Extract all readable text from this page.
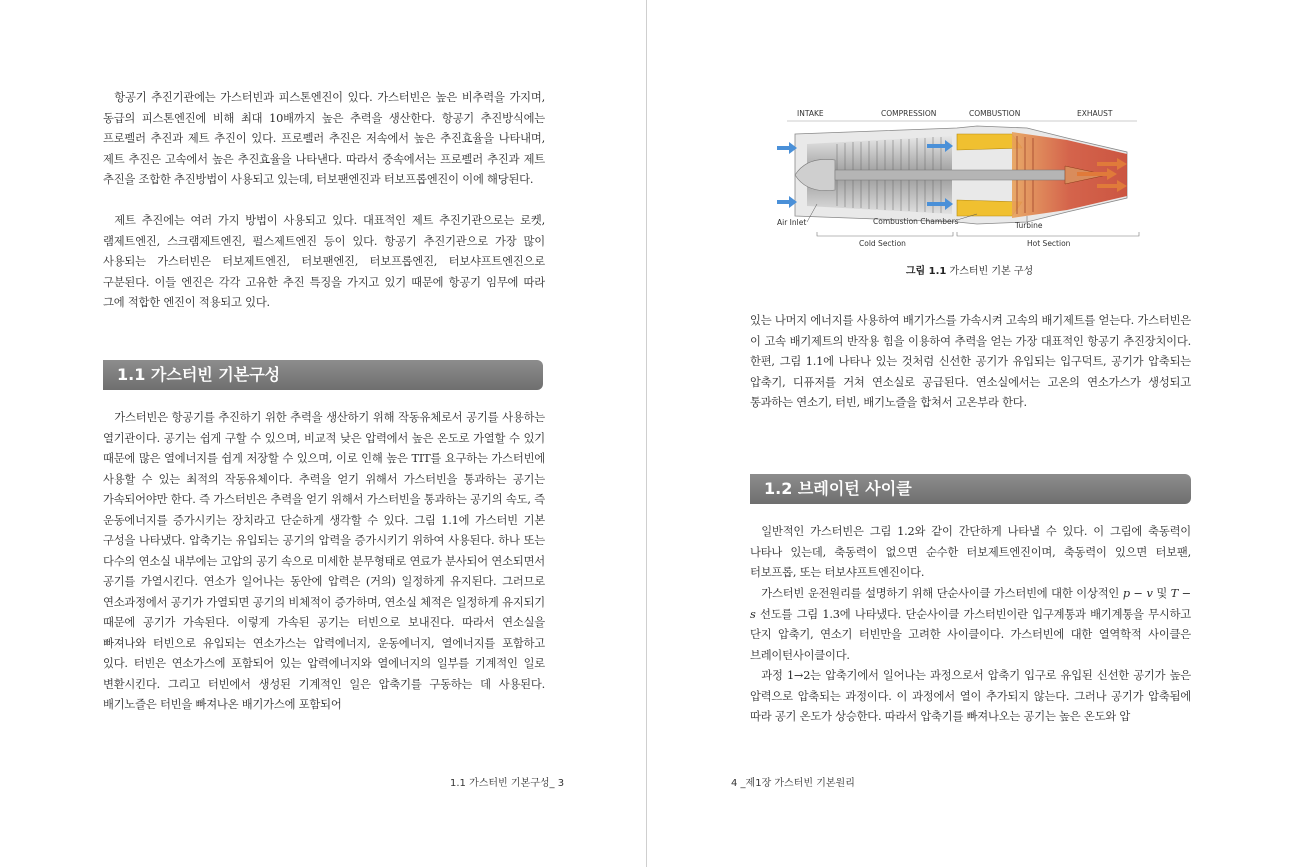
항공기 추진기관에는 가스터빈과 피스톤엔진이 있다. 가스터빈은 높은 비추력을 가지며, 동급의 피스톤엔진에 비해 최대 10배까지 높은 추력을 생산한다. 항공기 추진방식에는 프로펠러 추진과 제트 추진이 있다. 프로펠러 추진은 저속에서 높은 추진효율을 나타내며, 제트 추진은 고속에서 높은 추진효율을 나타낸다. 따라서 중속에서는 프로펠러 추진과 제트 추진을 조합한 추진방법이 사용되고 있는데, 터보팬엔진과 터보프롭엔진이 이에 해당된다.

제트 추진에는 여러 가지 방법이 사용되고 있다. 대표적인 제트 추진기관으로는 로켓, 램제트엔진, 스크램제트엔진, 펄스제트엔진 등이 있다. 항공기 추진기관으로 가장 많이 사용되는 가스터빈은 터보제트엔진, 터보팬엔진, 터보프롭엔진, 터보샤프트엔진으로 구분된다. 이들 엔진은 각각 고유한 추진 특징을 가지고 있기 때문에 항공기 임무에 따라 그에 적합한 엔진이 적용되고 있다.

1.1 가스터빈 기본구성

가스터빈은 항공기를 추진하기 위한 추력을 생산하기 위해 작동유체로서 공기를 사용하는 열기관이다. 공기는 쉽게 구할 수 있으며, 비교적 낮은 압력에서 높은 온도로 가열할 수 있기 때문에 많은 열에너지를 쉽게 저장할 수 있으며, 이로 인해 높은 TIT를 요구하는 가스터빈에 사용할 수 있는 최적의 작동유체이다. 추력을 얻기 위해서 가스터빈을 통과하는 공기는 가속되어야만 한다. 즉 가스터빈은 추력을 얻기 위해서 가스터빈을 통과하는 공기의 속도, 즉 운동에너지를 증가시키는 장치라고 단순하게 생각할 수 있다. 그림 1.1에 가스터빈 기본 구성을 나타냈다. 압축기는 유입되는 공기의 압력을 증가시키기 위하여 사용된다. 하나 또는 다수의 연소실 내부에는 고압의 공기 속으로 미세한 분무형태로 연료가 분사되어 연소되면서 공기를 가열시킨다. 연소가 일어나는 동안에 압력은 (거의) 일정하게 유지된다. 그러므로 연소과정에서 공기가 가열되면 공기의 비체적이 증가하며, 연소실 체적은 일정하게 유지되기 때문에 공기가 가속된다. 이렇게 가속된 공기는 터빈으로 보내진다. 따라서 연소실을 빠져나와 터빈으로 유입되는 연소가스는 압력에너지, 운동에너지, 열에너지를 포함하고 있다. 터빈은 연소가스에 포함되어 있는 압력에너지와 열에너지의 일부를 기계적인 일로 변환시킨다. 그리고 터빈에서 생성된 기계적인 일은 압축기를 구동하는 데 사용된다. 배기노즐은 터빈을 빠져나온 배기가스에 포함되어

1.1 가스터빈 기본구성_ 3
INTAKE	COMPRESSION	COMBUSTION	EXHAUST
Air Inlet	Combustion Chambers	Turbine
Cold Section	Hot Section
그림 1.1 가스터빈 기본 구성

있는 나머지 에너지를 사용하여 배기가스를 가속시켜 고속의 배기제트를 얻는다. 가스터빈은 이 고속 배기제트의 반작용 힘을 이용하여 추력을 얻는 가장 대표적인 항공기 추진장치이다. 한편, 그림 1.1에 나타나 있는 것처럼 신선한 공기가 유입되는 입구덕트, 공기가 압축되는 압축기, 디퓨저를 거쳐 연소실로 공급된다. 연소실에서는 고온의 연소가스가 생성되고 통과하는 연소기, 터빈, 배기노즐을 합쳐서 고온부라 한다.

1.2 브레이턴 사이클

일반적인 가스터빈은 그림 1.2와 같이 간단하게 나타낼 수 있다. 이 그림에 축동력이 나타나 있는데, 축동력이 없으면 순수한 터보제트엔진이며, 축동력이 있으면 터보팬, 터보프롭, 또는 터보샤프트엔진이다.

가스터빈 운전원리를 설명하기 위해 단순사이클 가스터빈에 대한 이상적인 p − v 및 T − s 선도를 그림 1.3에 나타냈다. 단순사이클 가스터빈이란 입구계통과 배기계통을 무시하고 단지 압축기, 연소기 터빈만을 고려한 사이클이다. 가스터빈에 대한 열역학적 사이클은 브레이턴사이클이다.

과정 1→2는 압축기에서 일어나는 과정으로서 압축기 입구로 유입된 신선한 공기가 높은 압력으로 압축되는 과정이다. 이 과정에서 열이 추가되지 않는다. 그러나 공기가 압축됨에 따라 공기 온도가 상승한다. 따라서 압축기를 빠져나오는 공기는 높은 온도와 압

4 _제1장 가스터빈 기본원리
